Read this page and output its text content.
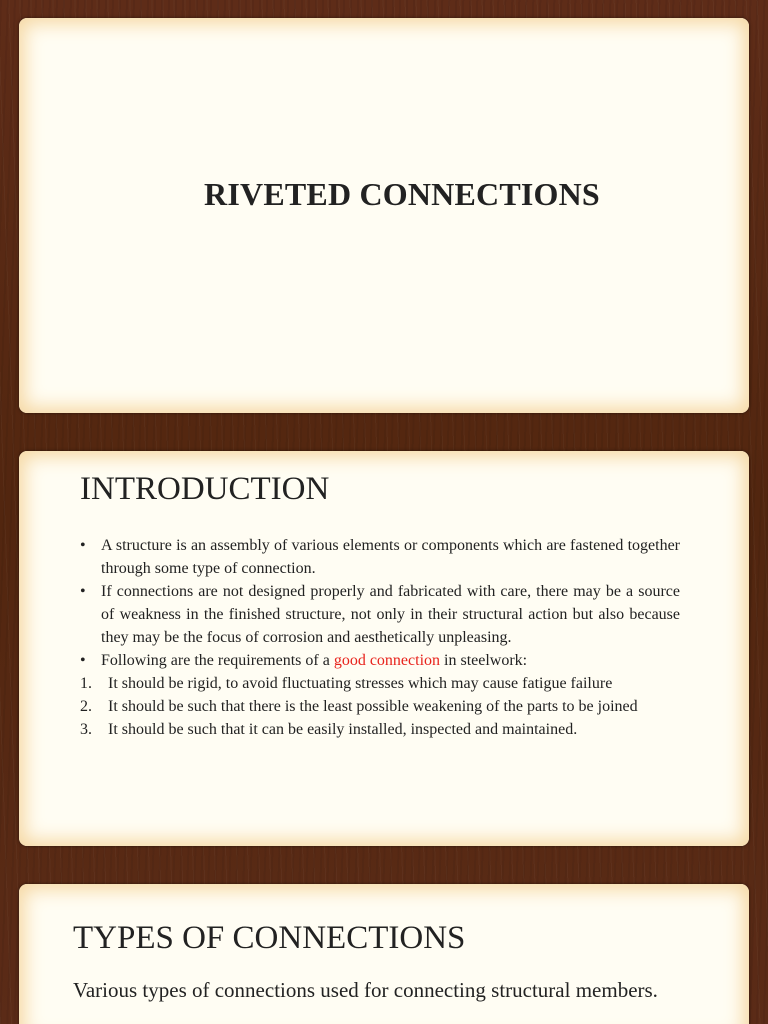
RIVETED CONNECTIONS
INTRODUCTION
• A structure is an assembly of various elements or components which are fastened together through some type of connection.
• If connections are not designed properly and fabricated with care, there may be a source of weakness in the finished structure, not only in their structural action but also because they may be the focus of corrosion and aesthetically unpleasing.
• Following are the requirements of a good connection in steelwork:
1.	It should be rigid, to avoid fluctuating stresses which may cause fatigue failure
2.	It should be such that there is the least possible weakening of the parts to be joined
3.	It should be such that it can be easily installed, inspected and maintained.
TYPES OF CONNECTIONS
Various types of connections used for connecting structural members.
